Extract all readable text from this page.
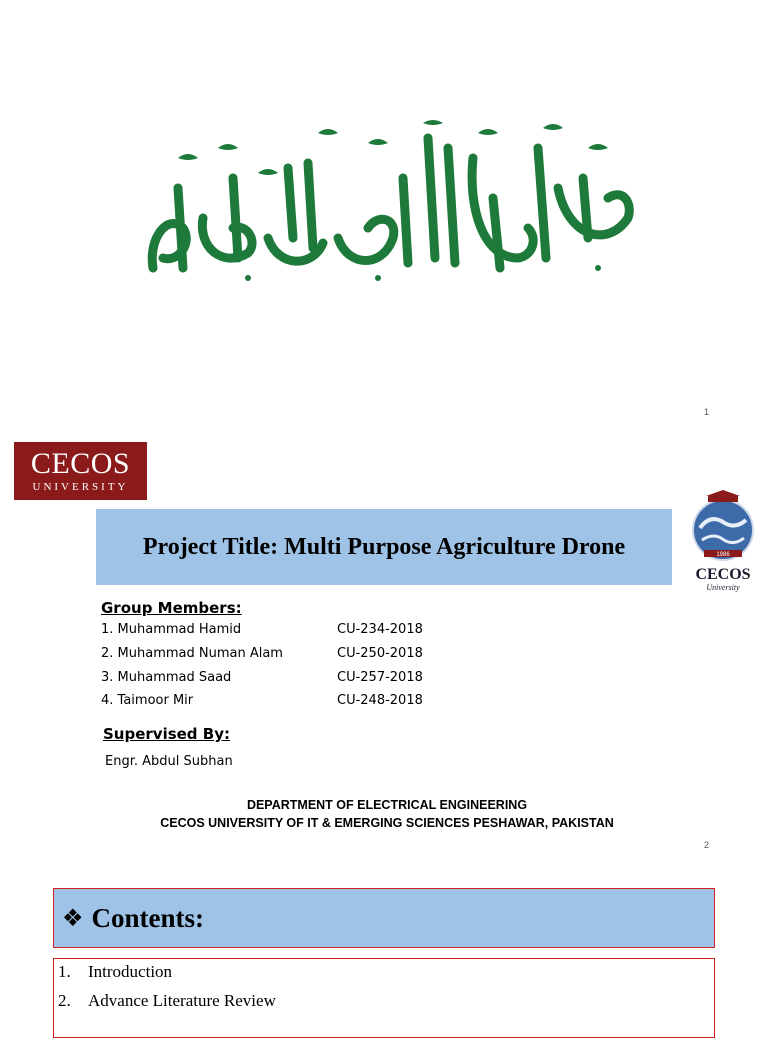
1
CECOS
UNIVERSITY
Project Title: Multi Purpose Agriculture Drone	1986
CECOS
University
Group Members:
1. Muhammad Hamid	CU-234-2018
2. Muhammad Numan Alam	CU-250-2018
3. Muhammad Saad	CU-257-2018
4. Taimoor Mir	CU-248-2018
Supervised By:
Engr. Abdul Subhan
DEPARTMENT OF ELECTRICAL ENGINEERING
CECOS UNIVERSITY OF IT & EMERGING SCIENCES PESHAWAR, PAKISTAN
2
❖ Contents:
1. Introduction
2. Advance Literature Review
